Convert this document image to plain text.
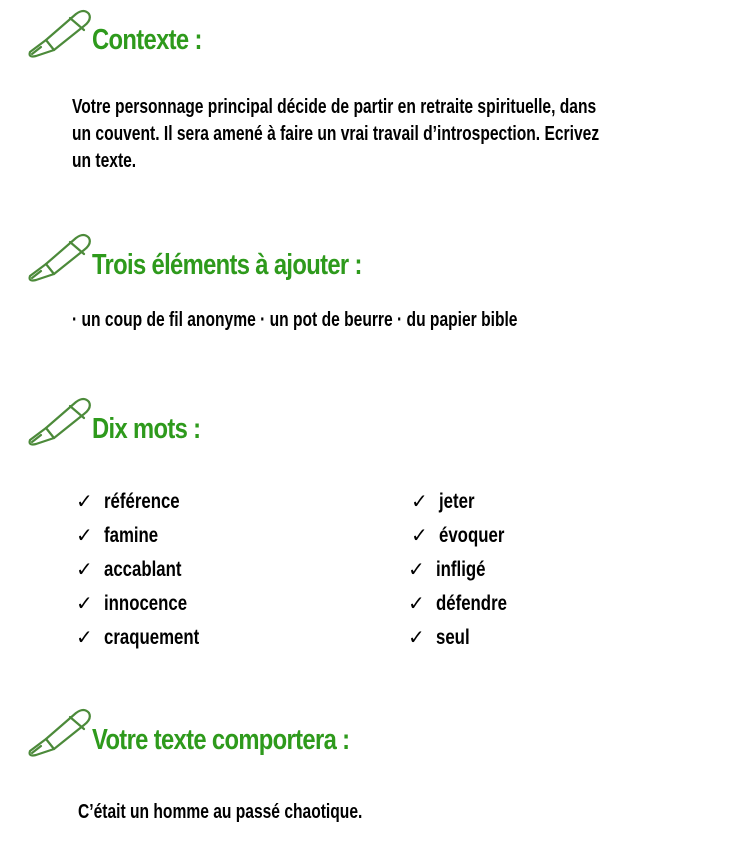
Contexte :
Votre personnage principal décide de partir en retraite spirituelle, dans
un couvent. Il sera amené à faire un vrai travail d’introspection. Ecrivez
un texte.
Trois éléments à ajouter :
· un coup de fil anonyme · un pot de beurre · du papier bible
Dix mots :
✓ référence
✓ famine
✓ accablant
✓ innocence
✓ craquement
✓ jeter
✓ évoquer
✓ infligé
✓ défendre
✓ seul
Votre texte comportera :
C’était un homme au passé chaotique.
